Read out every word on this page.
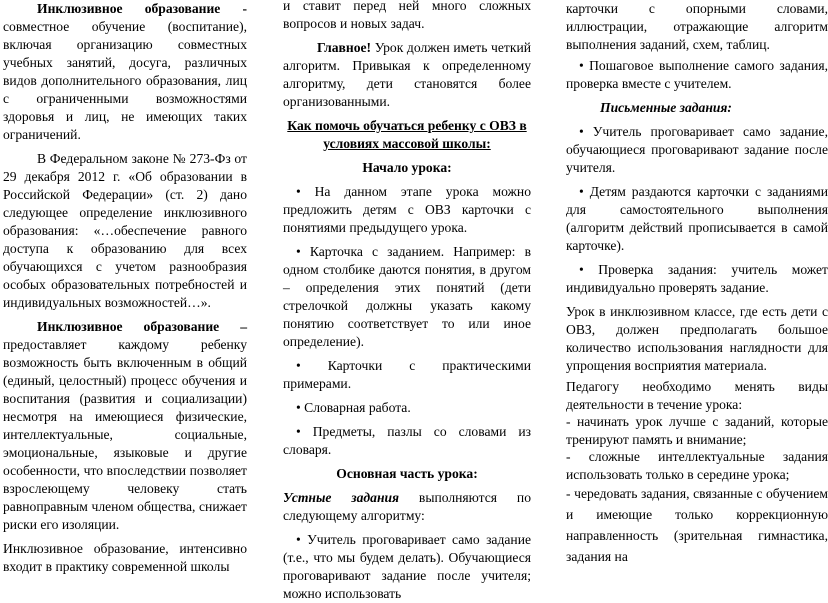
Инклюзивное образование - совместное обучение (воспитание), включая организацию совместных учебных занятий, досуга, различных видов дополнительного образования, лиц с ограниченными возможностями здоровья и лиц, не имеющих таких ограничений.

В Федеральном законе № 273-Фз от 29 декабря 2012 г. «Об образовании в Российской Федерации» (ст. 2) дано следующее определение инклюзивного образования: «…обеспечение равного доступа к образованию для всех обучающихся с учетом разнообразия особых образовательных потребностей и индивидуальных возможностей…».

Инклюзивное образование – предоставляет каждому ребенку возможность быть включенным в общий (единый, целостный) процесс обучения и воспитания (развития и социализации) несмотря на имеющиеся физические, интеллектуальные, социальные, эмоциональные, языковые и другие особенности, что впоследствии позволяет взрослеющему человеку стать равноправным членом общества, снижает риски его изоляции.

Инклюзивное образование, интенсивно входит в практику современной школы

и ставит перед ней много сложных вопросов и новых задач.

Главное! Урок должен иметь четкий алгоритм. Привыкая к определенному алгоритму, дети становятся более организованными.

Как помочь обучаться ребенку с ОВЗ в условиях массовой школы:

Начало урока:

• На данном этапе урока можно предложить детям с ОВЗ карточки с понятиями предыдущего урока.

• Карточка с заданием. Например: в одном столбике даются понятия, в другом – определения этих понятий (дети стрелочкой должны указать какому понятию соответствует то или иное определение).

• Карточки с практическими примерами.

• Словарная работа.

• Предметы, пазлы со словами из словаря.

Основная часть урока:

Устные задания выполняются по следующему алгоритму:

• Учитель проговаривает само задание (т.е., что мы будем делать). Обучающиеся проговаривают задание после учителя; можно использовать

карточки с опорными словами, иллюстрации, отражающие алгоритм выполнения заданий, схем, таблиц.

• Пошаговое выполнение самого задания, проверка вместе с учителем.

Письменные задания:

• Учитель проговаривает само задание, обучающиеся проговаривают задание после учителя.

• Детям раздаются карточки с заданиями для самостоятельного выполнения (алгоритм действий прописывается в самой карточке).

• Проверка задания: учитель может индивидуально проверять задание.

Урок в инклюзивном классе, где есть дети с ОВЗ, должен предполагать большое количество использования наглядности для упрощения восприятия материала.

Педагогу необходимо менять виды деятельности в течение урока:

- начинать урок лучше с заданий, которые тренируют память и внимание;

- сложные интеллектуальные задания использовать только в середине урока;

- чередовать задания, связанные с обучением и имеющие только коррекционную направленность (зрительная гимнастика, задания на
